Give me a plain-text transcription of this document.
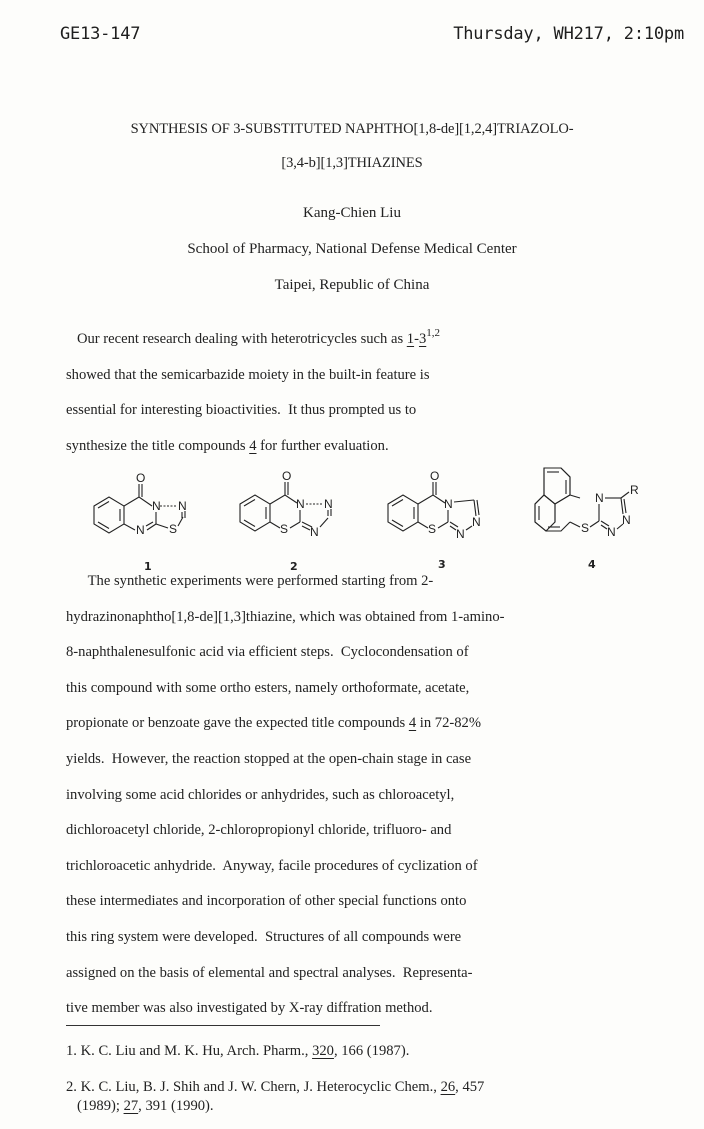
GE13-147	Thursday, WH217, 2:10pm
SYNTHESIS OF 3-SUBSTITUTED NAPHTHO[1,8-de][1,2,4]TRIAZOLO-
[3,4-b][1,3]THIAZINES
Kang-Chien Liu
School of Pharmacy, National Defense Medical Center
Taipei, Republic of China
Our recent research dealing with heterotricycles such as 1-3$^{1,2}$
showed that the semicarbazide moiety in the built-in feature is
essential for interesting bioactivities.  It thus prompted us to
synthesize the title compounds 4 for further evaluation.
O
N N
N S
O
N N
S N
O
N
S N
N
N
R
N
S N
1	2	3	4
The synthetic experiments were performed starting from 2-
hydrazinonaphtho[1,8-de][1,3]thiazine, which was obtained from 1-amino-
8-naphthalenesulfonic acid via efficient steps.  Cyclocondensation of
this compound with some ortho esters, namely orthoformate, acetate,
propionate or benzoate gave the expected title compounds 4 in 72-82%
yields.  However, the reaction stopped at the open-chain stage in case
involving some acid chlorides or anhydrides, such as chloroacetyl,
dichloroacetyl chloride, 2-chloropropionyl chloride, trifluoro- and
trichloroacetic anhydride.  Anyway, facile procedures of cyclization of
these intermediates and incorporation of other special functions onto
this ring system were developed.  Structures of all compounds were
assigned on the basis of elemental and spectral analyses.  Representa-
tive member was also investigated by X-ray diffration method.
1. K. C. Liu and M. K. Hu, Arch. Pharm., 320, 166 (1987).
2. K. C. Liu, B. J. Shih and J. W. Chern, J. Heterocyclic Chem., 26, 457
(1989); 27, 391 (1990).
